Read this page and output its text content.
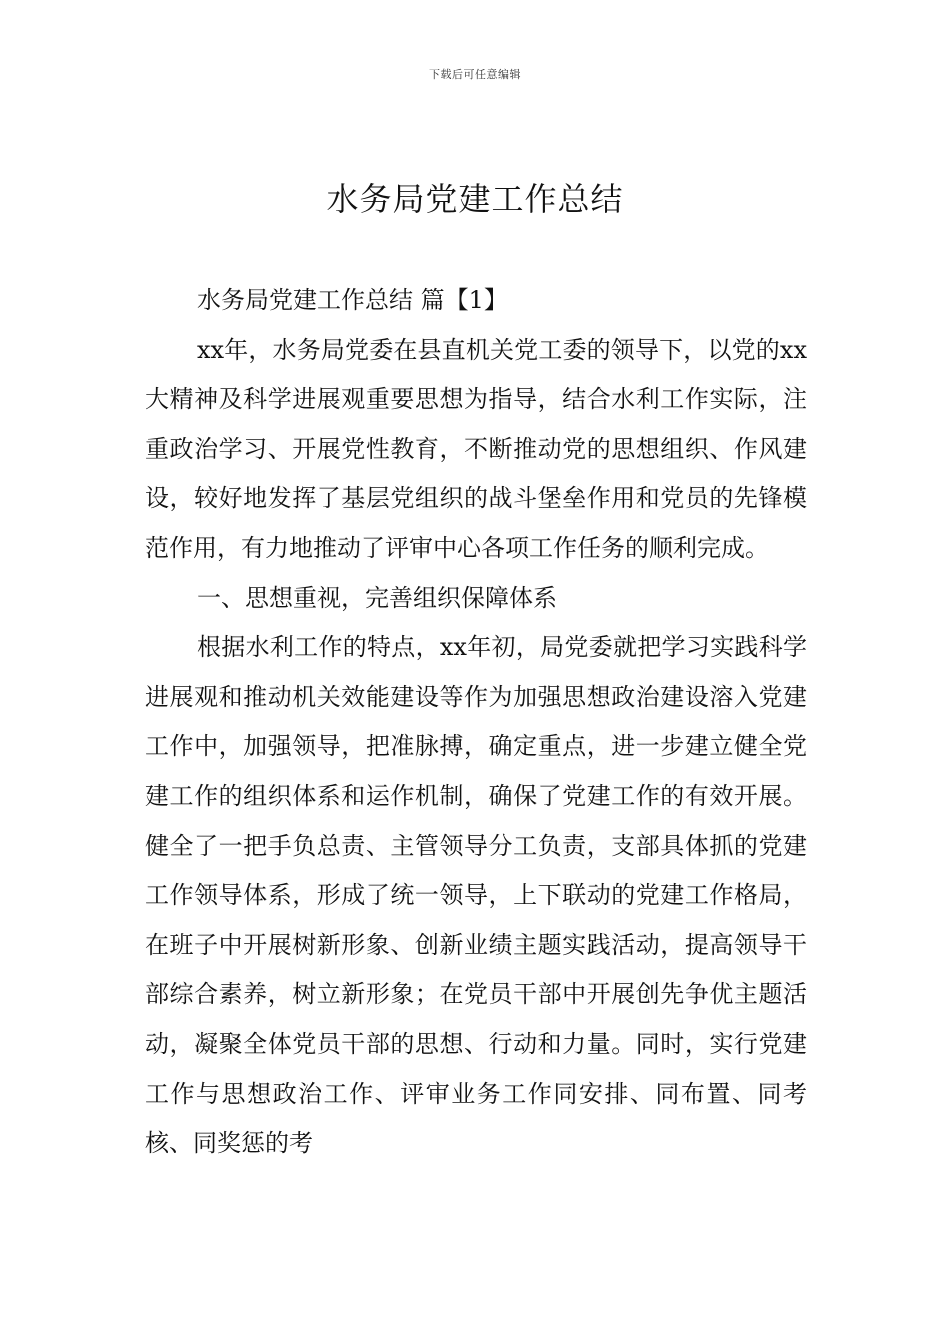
下载后可任意编辑
水务局党建工作总结

水务局党建工作总结 篇【1】

xx年，水务局党委在县直机关党工委的领导下，以党的xx大精神及科学进展观重要思想为指导，结合水利工作实际，注重政治学习、开展党性教育，不断推动党的思想组织、作风建设，较好地发挥了基层党组织的战斗堡垒作用和党员的先锋模范作用，有力地推动了评审中心各项工作任务的顺利完成。

一、思想重视，完善组织保障体系

根据水利工作的特点，xx年初，局党委就把学习实践科学进展观和推动机关效能建设等作为加强思想政治建设溶入党建工作中，加强领导，把准脉搏，确定重点，进一步建立健全党建工作的组织体系和运作机制，确保了党建工作的有效开展。健全了一把手负总责、主管领导分工负责，支部具体抓的党建工作领导体系，形成了统一领导，上下联动的党建工作格局，在班子中开展树新形象、创新业绩主题实践活动，提高领导干部综合素养，树立新形象；在党员干部中开展创先争优主题活动，凝聚全体党员干部的思想、行动和力量。同时，实行党建工作与思想政治工作、评审业务工作同安排、同布置、同考核、同奖惩的考
